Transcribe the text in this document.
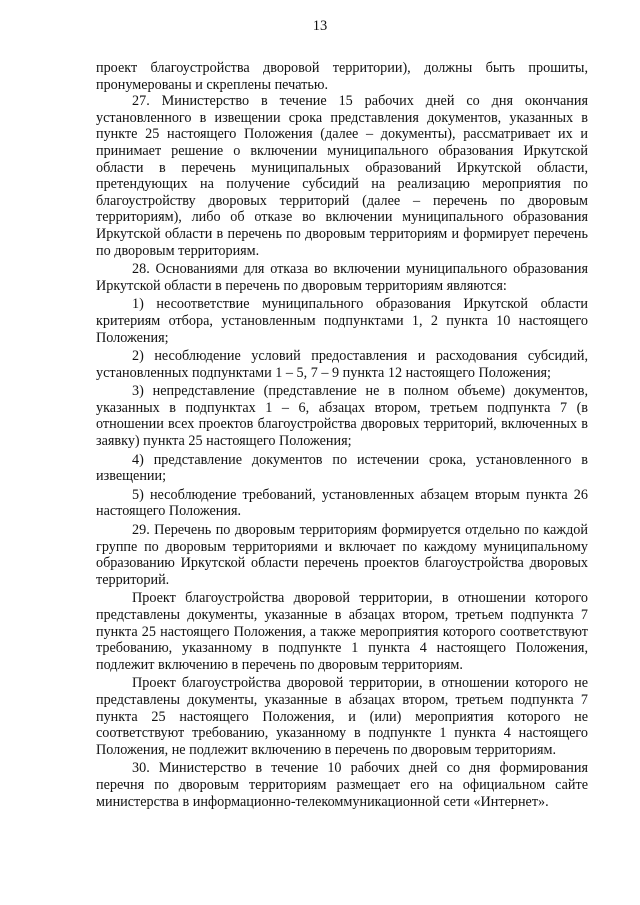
13

проект благоустройства дворовой территории), должны быть прошиты, пронумерованы и скреплены печатью.

27. Министерство в течение 15 рабочих дней со дня окончания установленного в извещении срока представления документов, указанных в пункте 25 настоящего Положения (далее – документы), рассматривает их и принимает решение о включении муниципального образования Иркутской области в перечень муниципальных образований Иркутской области, претендующих на получение субсидий на реализацию мероприятия по благоустройству дворовых территорий (далее – перечень по дворовым территориям), либо об отказе во включении муниципального образования Иркутской области в перечень по дворовым территориям и формирует перечень по дворовым территориям.

28. Основаниями для отказа во включении муниципального образования Иркутской области в перечень по дворовым территориям являются:

1) несоответствие муниципального образования Иркутской области критериям отбора, установленным подпунктами 1, 2 пункта 10 настоящего Положения;

2) несоблюдение условий предоставления и расходования субсидий, установленных подпунктами 1 – 5, 7 – 9 пункта 12 настоящего Положения;

3) непредставление (представление не в полном объеме) документов, указанных в подпунктах 1 – 6, абзацах втором, третьем подпункта 7 (в отношении всех проектов благоустройства дворовых территорий, включенных в заявку) пункта 25 настоящего Положения;

4) представление документов по истечении срока, установленного в извещении;

5) несоблюдение требований, установленных абзацем вторым пункта 26 настоящего Положения.

29. Перечень по дворовым территориям формируется отдельно по каждой группе по дворовым территориями и включает по каждому муниципальному образованию Иркутской области перечень проектов благоустройства дворовых территорий.

Проект благоустройства дворовой территории, в отношении которого представлены документы, указанные в абзацах втором, третьем подпункта 7 пункта 25 настоящего Положения, а также мероприятия которого соответствуют требованию, указанному в подпункте 1 пункта 4 настоящего Положения, подлежит включению в перечень по дворовым территориям.

Проект благоустройства дворовой территории, в отношении которого не представлены документы, указанные в абзацах втором, третьем подпункта 7 пункта 25 настоящего Положения, и (или) мероприятия которого не соответствуют требованию, указанному в подпункте 1 пункта 4 настоящего Положения, не подлежит включению в перечень по дворовым территориям.

30. Министерство в течение 10 рабочих дней со дня формирования перечня по дворовым территориям размещает его на официальном сайте министерства в информационно-телекоммуникационной сети «Интернет».
